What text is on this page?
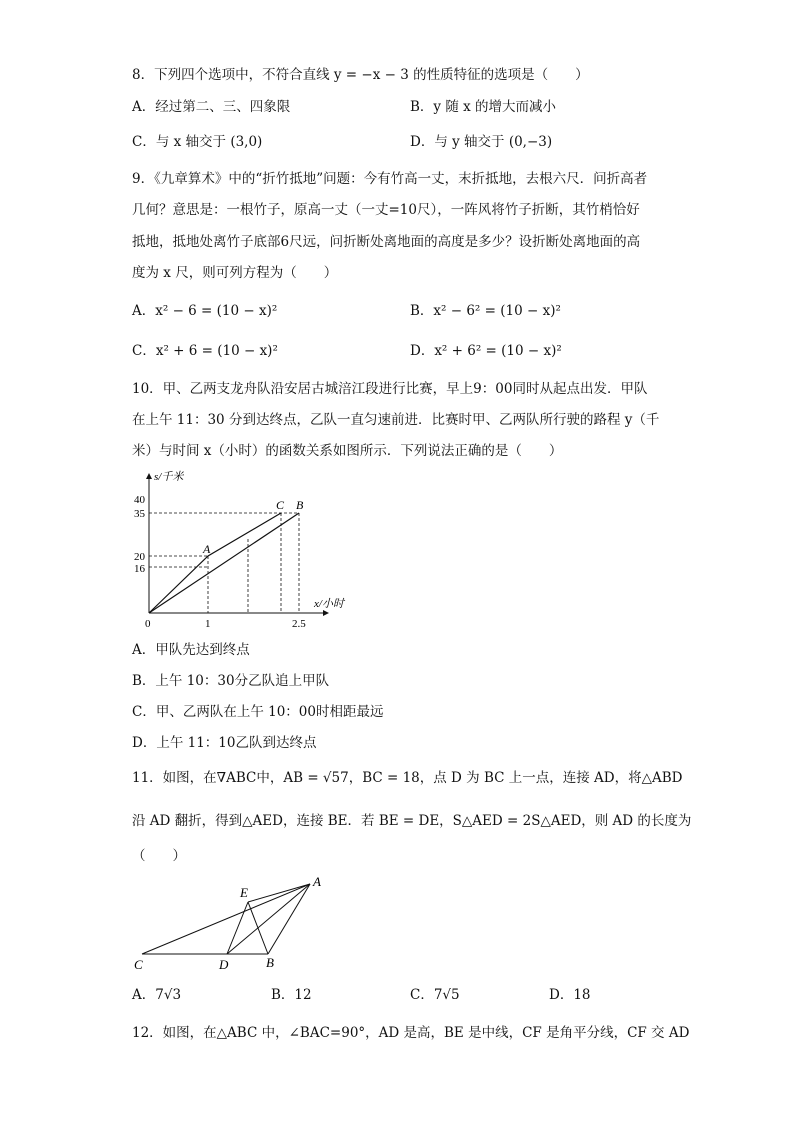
8．下列四个选项中，不符合直线 y = −x − 3 的性质特征的选项是（　　）
A．经过第二、三、四象限	B．y 随 x 的增大而减小
C．与 x 轴交于 (3,0)	D．与 y 轴交于 (0,−3)
9．《九章算术》中的“折竹抵地”问题：今有竹高一丈，末折抵地，去根六尺．问折高者
几何？意思是：一根竹子，原高一丈（一丈=10尺），一阵风将竹子折断，其竹梢恰好
抵地，抵地处离竹子底部6尺远，问折断处离地面的高度是多少？设折断处离地面的高
度为 x 尺，则可列方程为（　　）
A．x² − 6 = (10 − x)²	B．x² − 6² = (10 − x)²
C．x² + 6 = (10 − x)²	D．x² + 6² = (10 − x)²
10．甲、乙两支龙舟队沿安居古城涪江段进行比赛，早上9：00同时从起点出发．甲队
在上午 11：30 分到达终点，乙队一直匀速前进．比赛时甲、乙两队所行驶的路程 y（千
米）与时间 x（小时）的函数关系如图所示．下列说法正确的是（　　）
s/千米
x/小时
0
40
35
20
16
1	2.5
A
C B
A．甲队先达到终点
B．上午 10：30分乙队追上甲队
C．甲、乙两队在上午 10：00时相距最远
D．上午 11：10乙队到达终点
11．如图，在∇ABC中，AB = √57，BC = 18，点 D 为 BC 上一点，连接 AD，将△ABD
沿 AD 翻折，得到△AED，连接 BE．若 BE = DE，S△AED = 2S△AED，则 AD 的长度为
（　　）
E
A
C	D	B
A．7√3	B．12	C．7√5	D．18
12．如图，在△ABC 中，∠BAC=90°，AD 是高，BE 是中线，CF 是角平分线，CF 交 AD
